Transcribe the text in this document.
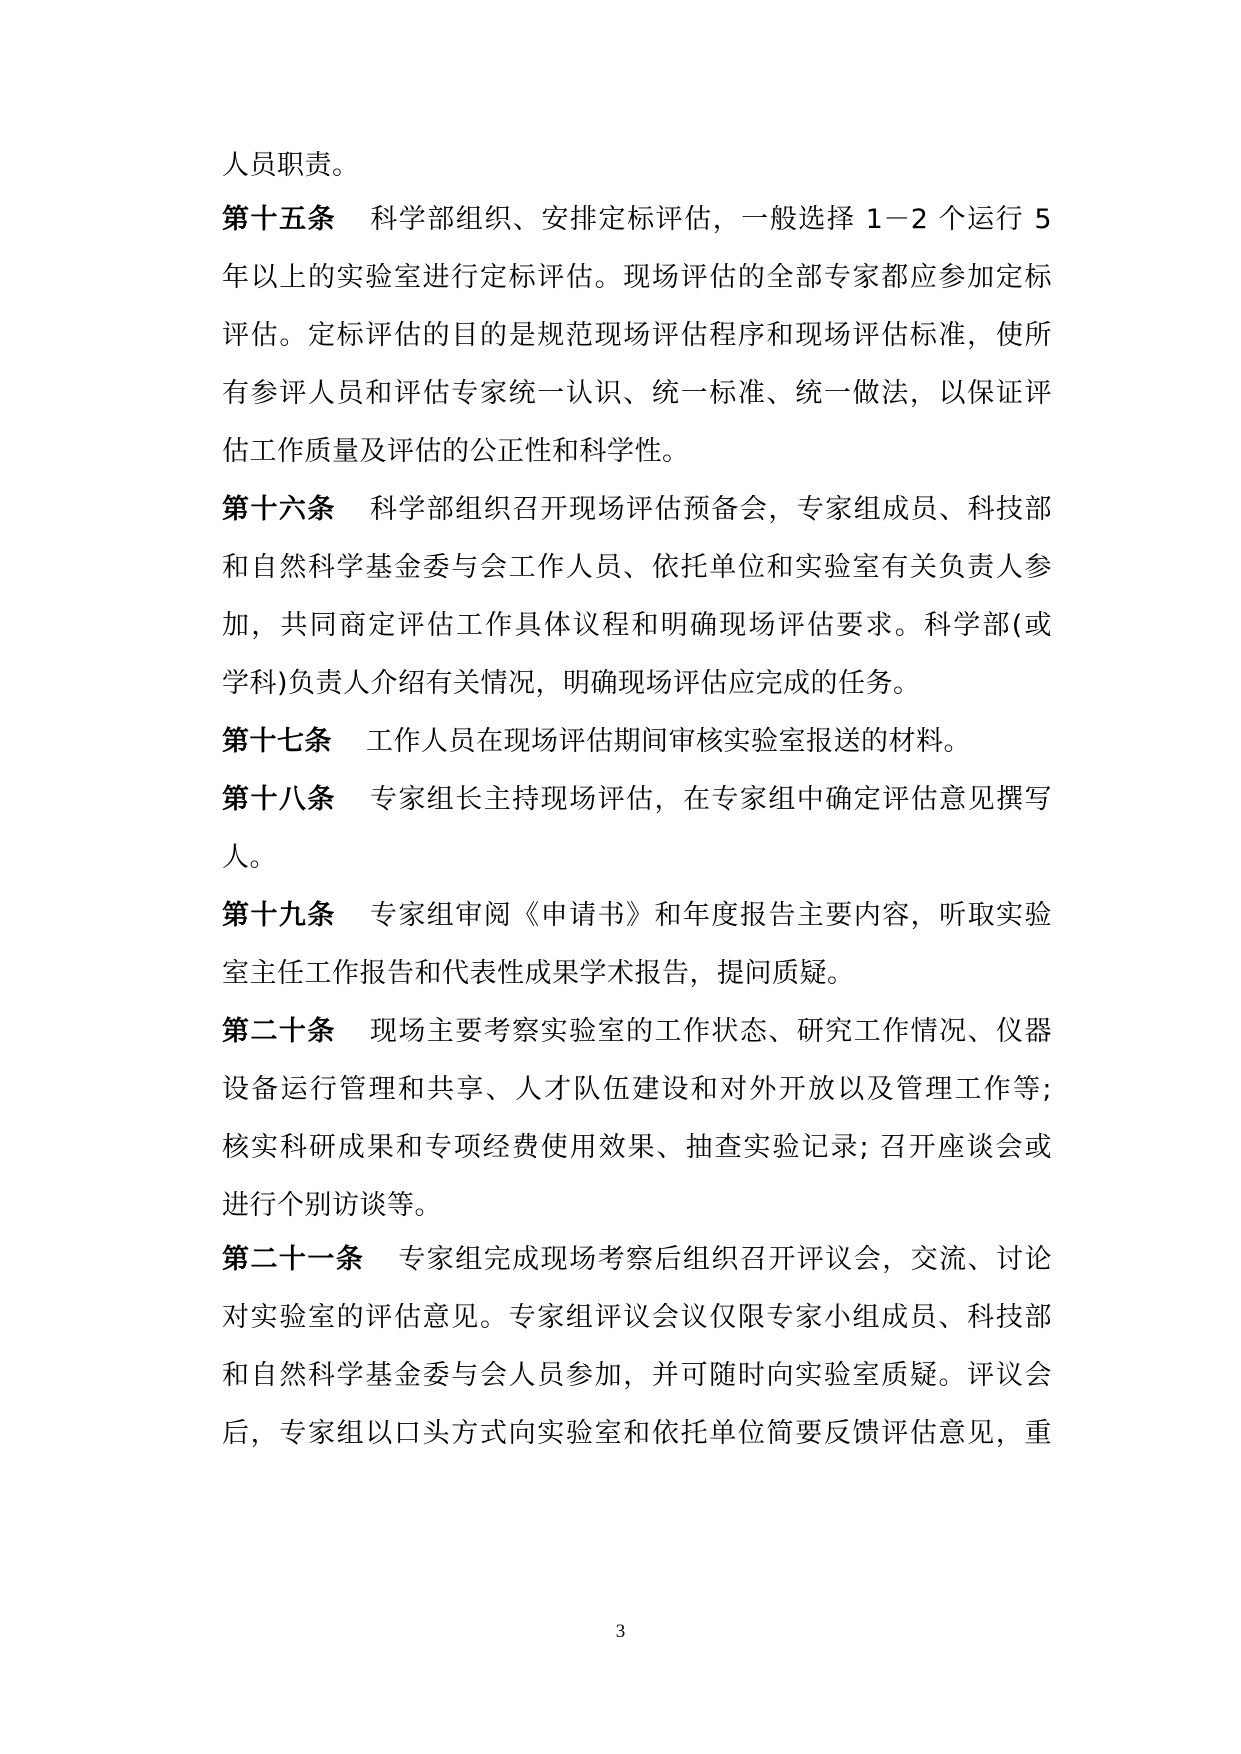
人员职责。
第十五条 科学部组织、安排定标评估，一般选择 1－2 个运行 5
年以上的实验室进行定标评估。现场评估的全部专家都应参加定标
评估。定标评估的目的是规范现场评估程序和现场评估标准，使所
有参评人员和评估专家统一认识、统一标准、统一做法，以保证评
估工作质量及评估的公正性和科学性。
第十六条 科学部组织召开现场评估预备会，专家组成员、科技部
和自然科学基金委与会工作人员、依托单位和实验室有关负责人参
加，共同商定评估工作具体议程和明确现场评估要求。科学部(或
学科)负责人介绍有关情况，明确现场评估应完成的任务。
第十七条 工作人员在现场评估期间审核实验室报送的材料。
第十八条 专家组长主持现场评估，在专家组中确定评估意见撰写
人。
第十九条 专家组审阅《申请书》和年度报告主要内容，听取实验
室主任工作报告和代表性成果学术报告，提问质疑。
第二十条 现场主要考察实验室的工作状态、研究工作情况、仪器
设备运行管理和共享、人才队伍建设和对外开放以及管理工作等;
核实科研成果和专项经费使用效果、抽查实验记录; 召开座谈会或
进行个别访谈等。
第二十一条 专家组完成现场考察后组织召开评议会，交流、讨论
对实验室的评估意见。专家组评议会议仅限专家小组成员、科技部
和自然科学基金委与会人员参加，并可随时向实验室质疑。评议会
后，专家组以口头方式向实验室和依托单位简要反馈评估意见，重
3
